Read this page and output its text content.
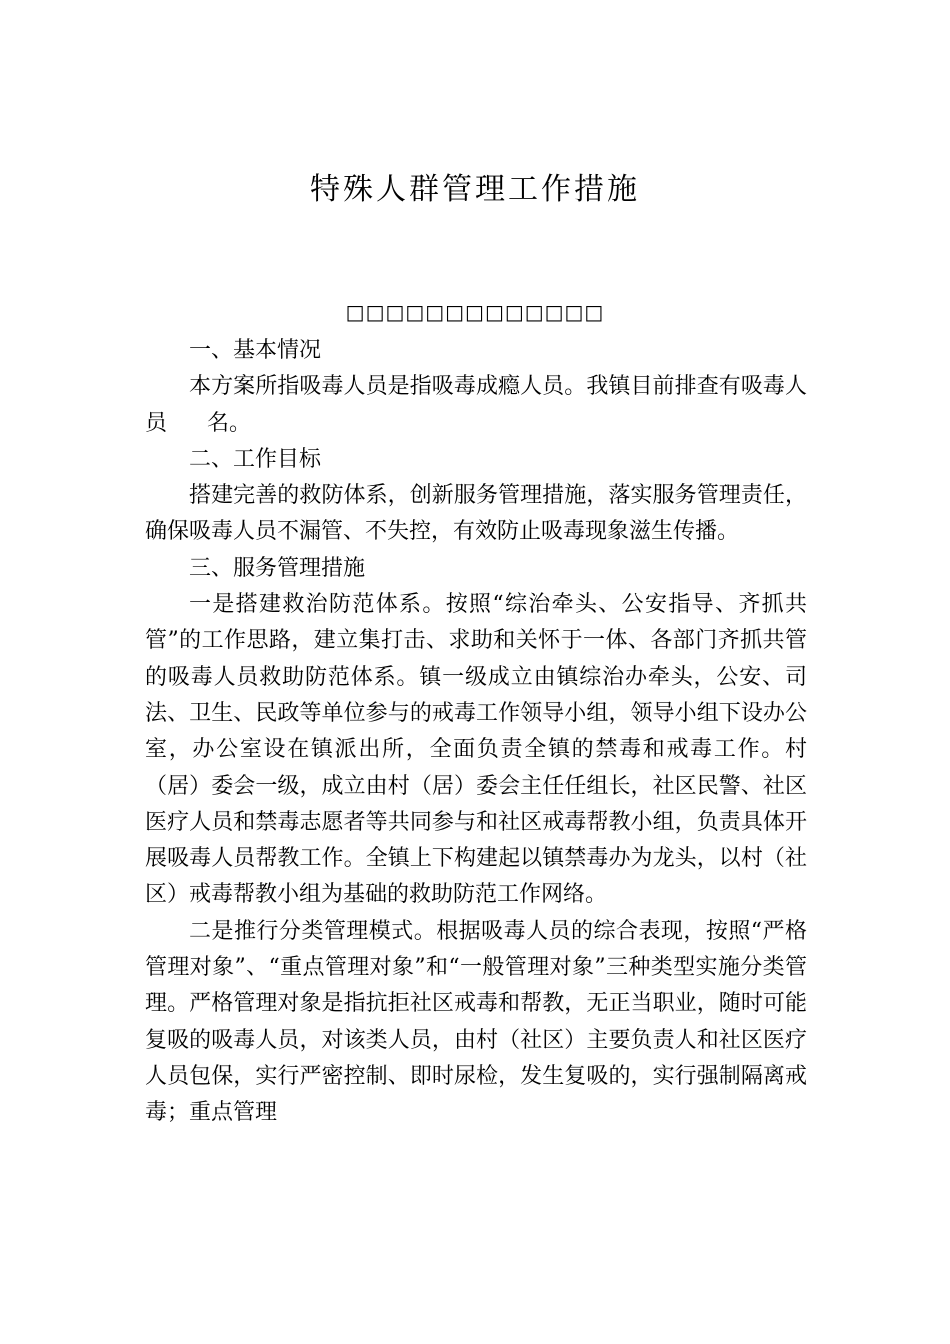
特殊人群管理工作措施
□□□□□□□□□□□□□

一、基本情况

本方案所指吸毒人员是指吸毒成瘾人员。我镇目前排查有吸毒人员 名。

二、工作目标

搭建完善的救防体系，创新服务管理措施，落实服务管理责任，确保吸毒人员不漏管、不失控，有效防止吸毒现象滋生传播。

三、服务管理措施

一是搭建救治防范体系。按照“综治牵头、公安指导、齐抓共管”的工作思路，建立集打击、求助和关怀于一体、各部门齐抓共管的吸毒人员救助防范体系。镇一级成立由镇综治办牵头，公安、司法、卫生、民政等单位参与的戒毒工作领导小组，领导小组下设办公室，办公室设在镇派出所，全面负责全镇的禁毒和戒毒工作。村（居）委会一级，成立由村（居）委会主任任组长，社区民警、社区医疗人员和禁毒志愿者等共同参与和社区戒毒帮教小组，负责具体开展吸毒人员帮教工作。全镇上下构建起以镇禁毒办为龙头，以村（社区）戒毒帮教小组为基础的救助防范工作网络。

二是推行分类管理模式。根据吸毒人员的综合表现，按照“严格管理对象”、“重点管理对象”和“一般管理对象”三种类型实施分类管理。严格管理对象是指抗拒社区戒毒和帮教，无正当职业，随时可能复吸的吸毒人员，对该类人员，由村（社区）主要负责人和社区医疗人员包保，实行严密控制、即时尿检，发生复吸的，实行强制隔离戒毒；重点管理
